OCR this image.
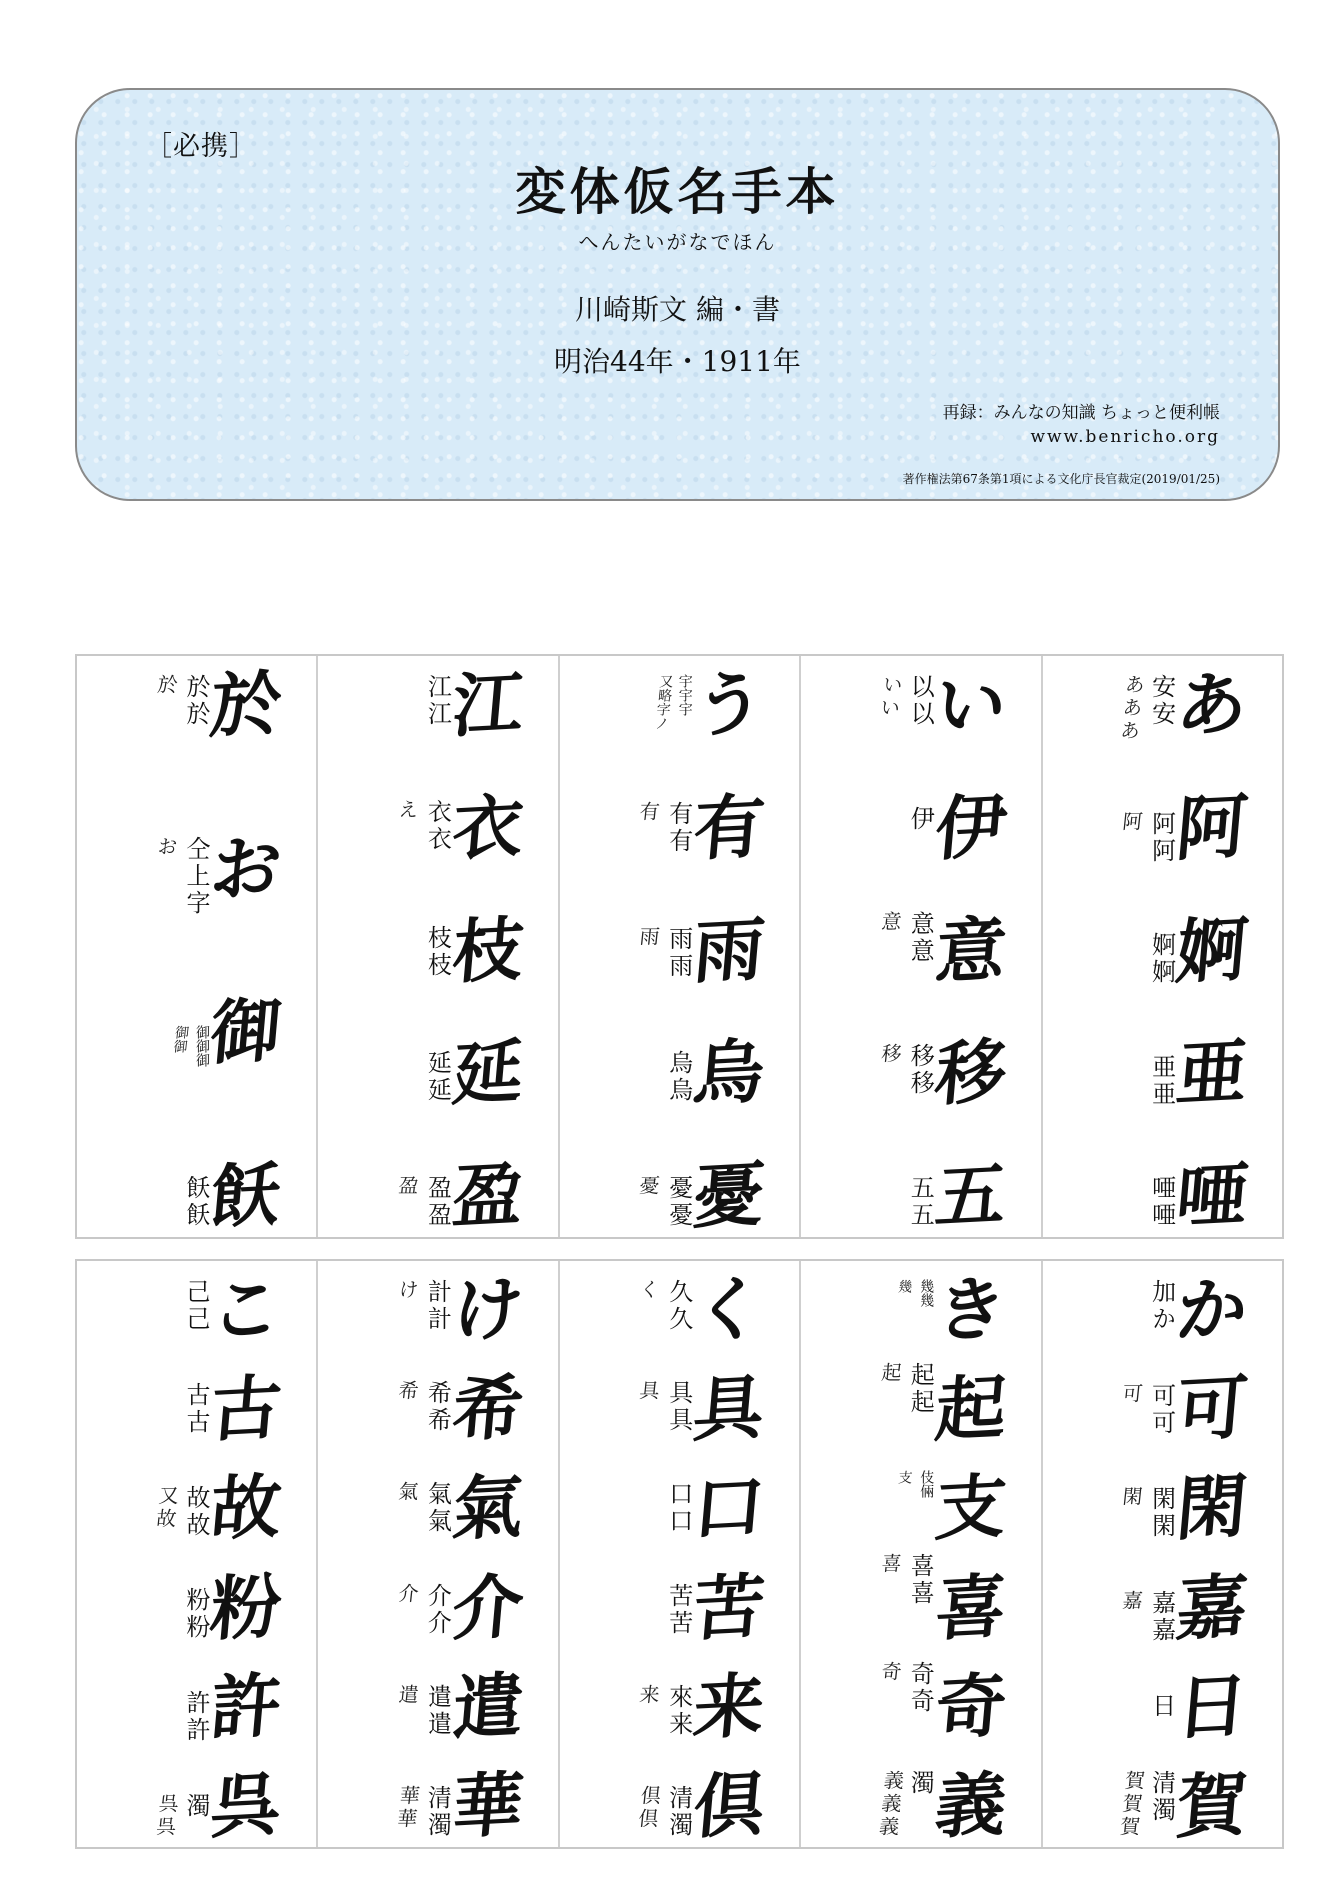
［必携］
変体仮名手本
へんたいがなでほん
川崎斯文 編・書
明治44年・1911年
再録：みんなの知識 ちょっと便利帳
www.benricho.org
著作権法第67条第1項による文化庁長官裁定(2019/01/25)
あ
阿
婀
亜
唖
安安
あああ
阿阿
阿
婀婀
亜亜
唖唖
い
伊
意
移
五
以以
いい
伊
意意
意
移移
移
五五
う
有
雨
烏
憂
宇宇宇
又略字ノ
有有
有
雨雨
雨
烏烏
憂憂
憂
江
衣
枝
延
盈
江江
衣衣
え
枝枝
延延
盈盈
盈
於
お
御
飫
於於
於
仝上字
お
御御御
御御
飫飫
か
可
閑
嘉
日
賀
加か
可可
可
閑閑
閑
嘉嘉
嘉
日
清濁
賀賀賀
き
起
支
喜
奇
義
幾幾
幾
起起
起
伎倆
支
喜喜
喜
奇奇
奇
濁
義義義
く
具
口
苦
来
倶
久久
く
具具
具
口口
苦苦
來来
来
清濁
倶倶
け
希
氣
介
遣
華
計計
け
希希
希
氣氣
氣
介介
介
遣遣
遣
清濁
華華
こ
古
故
粉
許
呉
己己
古古
故故
又故
粉粉
許許
濁
呉呉
